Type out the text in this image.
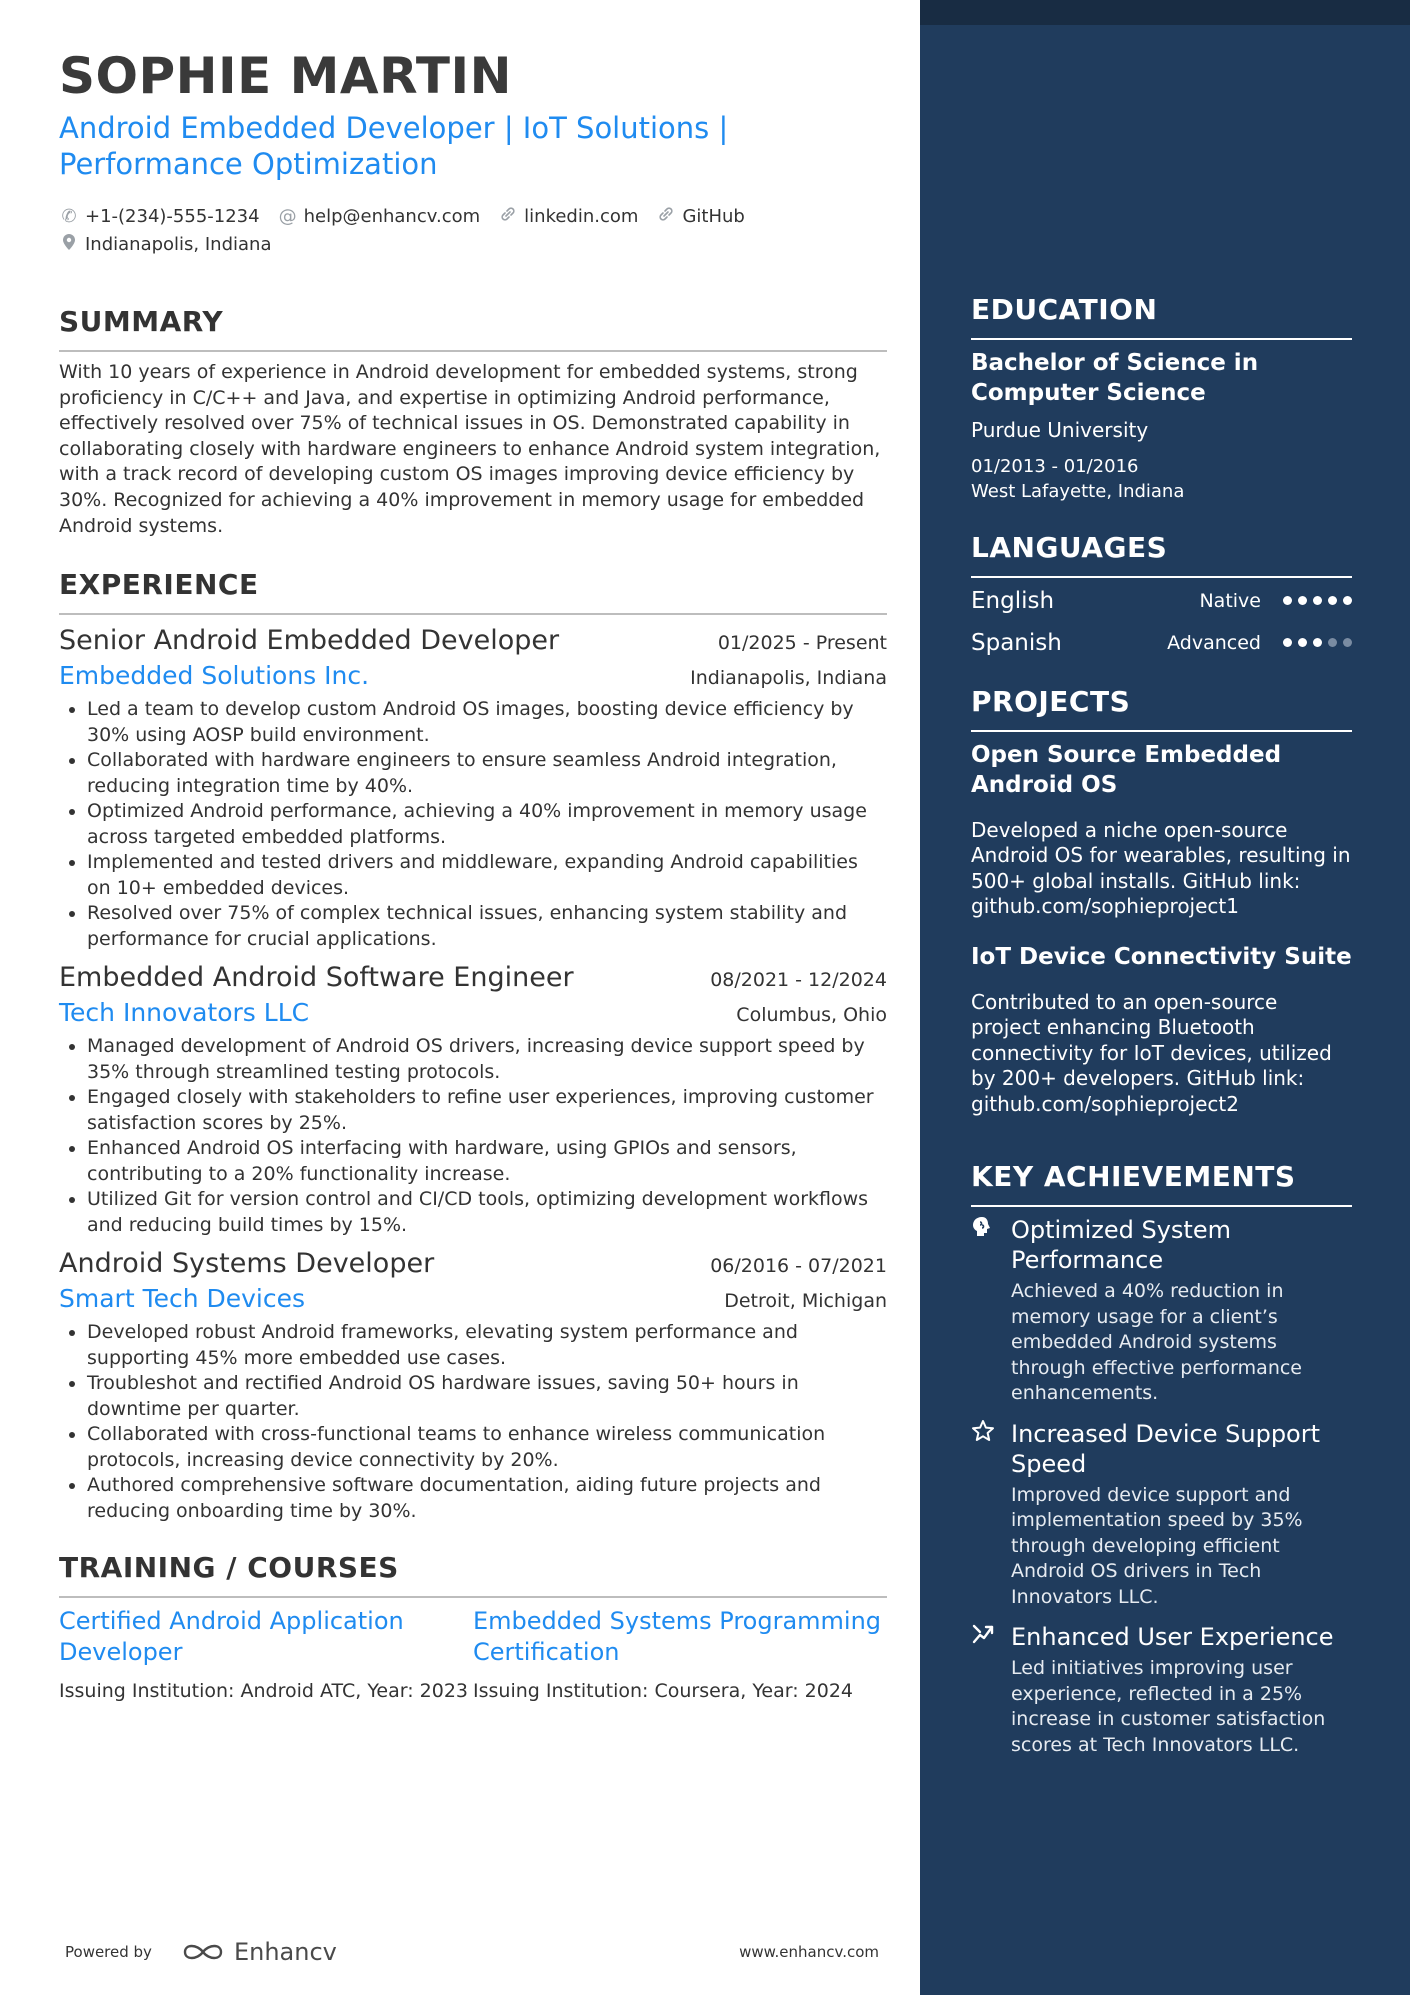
SOPHIE MARTIN
Android Embedded Developer | IoT Solutions |
Performance Optimization
✆ +1-(234)-555-1234 @ help@enhancv.com linkedin.com GitHub
Indianapolis, Indiana
SUMMARY

With 10 years of experience in Android development for embedded systems, strong proficiency in C/C++ and Java, and expertise in optimizing Android performance, effectively resolved over 75% of technical issues in OS. Demonstrated capability in collaborating closely with hardware engineers to enhance Android system integration, with a track record of developing custom OS images improving device efficiency by 30%. Recognized for achieving a 40% improvement in memory usage for embedded Android systems.

EXPERIENCE
Senior Android Embedded Developer	01/2025 - Present
Embedded Solutions Inc.	Indianapolis, Indiana
• Led a team to develop custom Android OS images, boosting device efficiency by 30% using AOSP build environment.
• Collaborated with hardware engineers to ensure seamless Android integration, reducing integration time by 40%.
• Optimized Android performance, achieving a 40% improvement in memory usage across targeted embedded platforms.
• Implemented and tested drivers and middleware, expanding Android capabilities on 10+ embedded devices.
• Resolved over 75% of complex technical issues, enhancing system stability and performance for crucial applications.
Embedded Android Software Engineer	08/2021 - 12/2024
Tech Innovators LLC	Columbus, Ohio
• Managed development of Android OS drivers, increasing device support speed by 35% through streamlined testing protocols.
• Engaged closely with stakeholders to refine user experiences, improving customer satisfaction scores by 25%.
• Enhanced Android OS interfacing with hardware, using GPIOs and sensors, contributing to a 20% functionality increase.
• Utilized Git for version control and CI/CD tools, optimizing development workflows and reducing build times by 15%.
Android Systems Developer	06/2016 - 07/2021
Smart Tech Devices	Detroit, Michigan
• Developed robust Android frameworks, elevating system performance and supporting 45% more embedded use cases.
• Troubleshot and rectified Android OS hardware issues, saving 50+ hours in downtime per quarter.
• Collaborated with cross-functional teams to enhance wireless communication protocols, increasing device connectivity by 20%.
• Authored comprehensive software documentation, aiding future projects and reducing onboarding time by 30%.
TRAINING / COURSES
Certified Android Application Developer
Issuing Institution: Android ATC, Year: 2023
Embedded Systems Programming Certification
Issuing Institution: Coursera, Year: 2024
Powered by	Enhancv	www.enhancv.com
EDUCATION
Bachelor of Science in Computer Science
Purdue University
01/2013 - 01/2016
West Lafayette, Indiana
LANGUAGES
English	Native
Spanish	Advanced
PROJECTS
Open Source Embedded Android OS
Developed a niche open-source Android OS for wearables, resulting in 500+ global installs. GitHub link: github.com/sophieproject1
IoT Device Connectivity Suite
Contributed to an open-source project enhancing Bluetooth connectivity for IoT devices, utilized by 200+ developers. GitHub link: github.com/sophieproject2
KEY ACHIEVEMENTS
Optimized System Performance
Achieved a 40% reduction in memory usage for a client’s embedded Android systems through effective performance enhancements.
Increased Device Support Speed
Improved device support and implementation speed by 35% through developing efficient Android OS drivers in Tech Innovators LLC.
Enhanced User Experience
Led initiatives improving user experience, reflected in a 25% increase in customer satisfaction scores at Tech Innovators LLC.
